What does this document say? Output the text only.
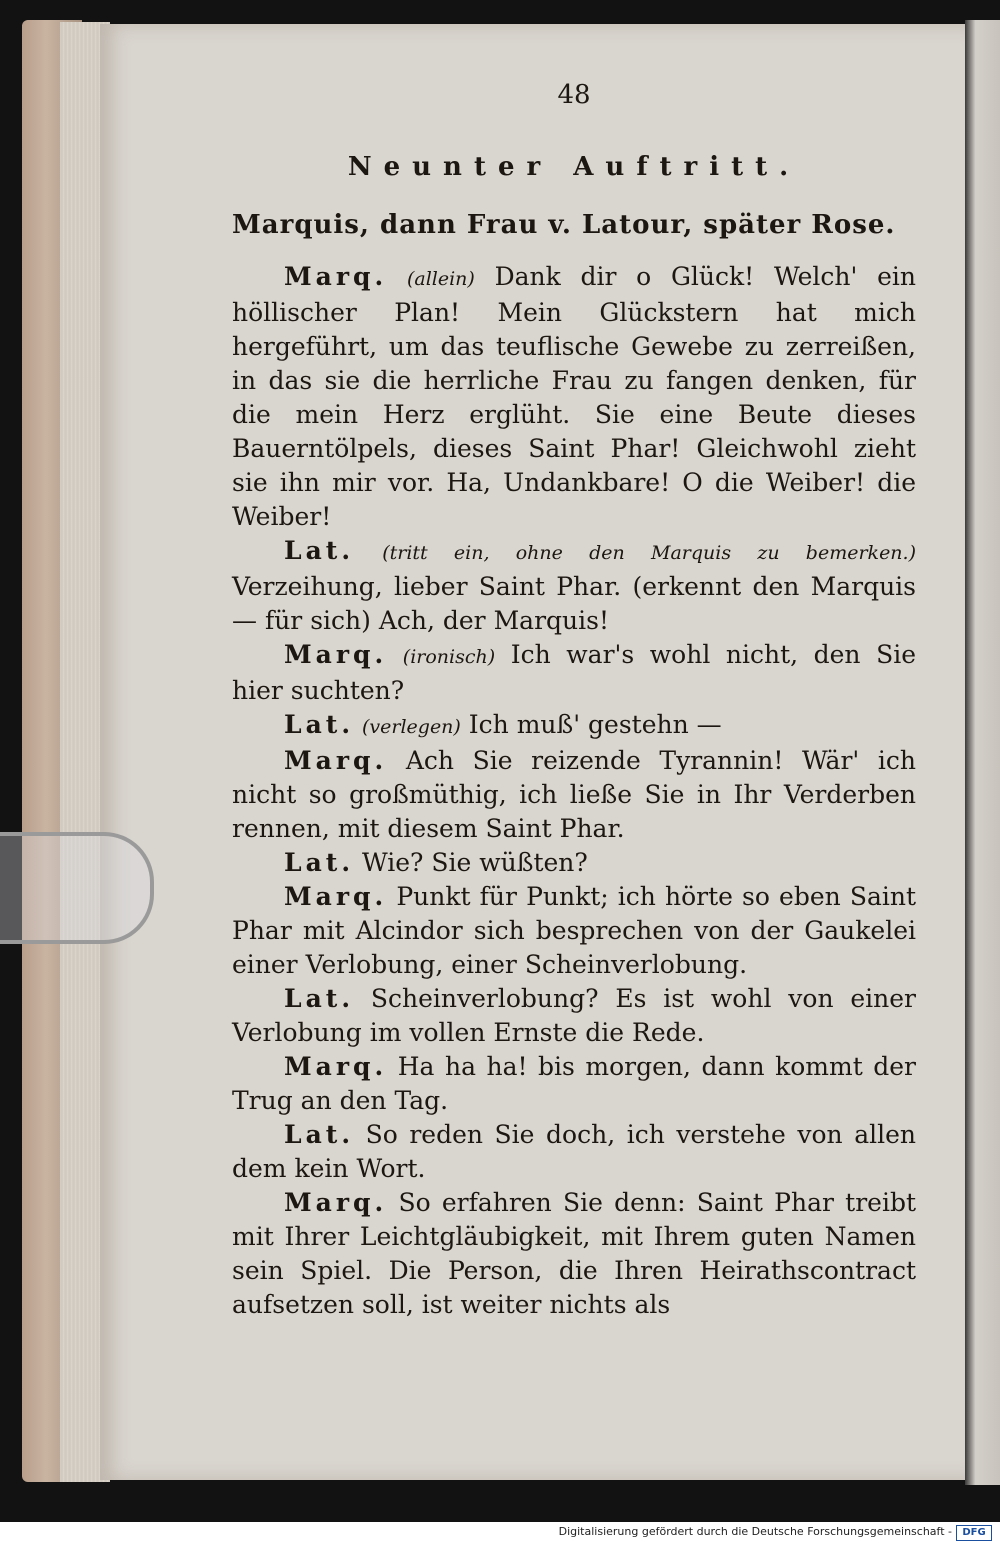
48
Neunter Auftritt.
Marquis, dann Frau v. Latour, später Rose.
Marq. (allein) Dank dir o Glück! Welch' ein höllischer Plan! Mein Glückstern hat mich hergeführt, um das teuflische Gewebe zu zerreißen, in das sie die herrliche Frau zu fangen denken, für die mein Herz erglüht. Sie eine Beute dieses Bauerntölpels, dieses Saint Phar! Gleichwohl zieht sie ihn mir vor. Ha, Undankbare! O die Weiber! die Weiber!
Lat. (tritt ein, ohne den Marquis zu bemerken.) Verzeihung, lieber Saint Phar. (erkennt den Marquis — für sich) Ach, der Marquis!
Marq. (ironisch) Ich war's wohl nicht, den Sie hier suchten?
Lat. (verlegen) Ich muß' gestehn —
Marq. Ach Sie reizende Tyrannin! Wär' ich nicht so großmüthig, ich ließe Sie in Ihr Verderben rennen, mit diesem Saint Phar.
Lat. Wie? Sie wüßten?
Marq. Punkt für Punkt; ich hörte so eben Saint Phar mit Alcindor sich besprechen von der Gaukelei einer Verlobung, einer Scheinverlobung.
Lat. Scheinverlobung? Es ist wohl von einer Verlobung im vollen Ernste die Rede.
Marq. Ha ha ha! bis morgen, dann kommt der Trug an den Tag.
Lat. So reden Sie doch, ich verstehe von allen dem kein Wort.
Marq. So erfahren Sie denn: Saint Phar treibt mit Ihrer Leichtgläubigkeit, mit Ihrem guten Namen sein Spiel. Die Person, die Ihren Heirathscontract aufsetzen soll, ist weiter nichts als
Digitalisierung gefördert durch die Deutsche Forschungsgemeinschaft -	DFG
